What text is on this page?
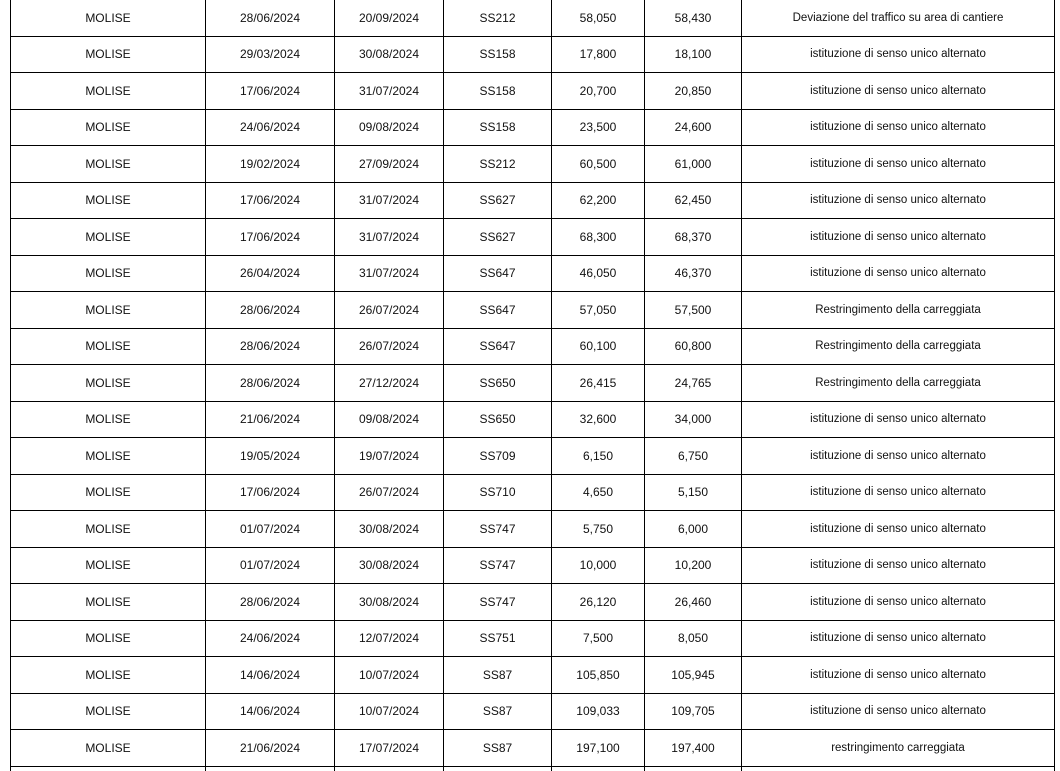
MOLISE	28/06/2024	20/09/2024	SS212	58,050	58,430	Deviazione del traffico su area di cantiere
MOLISE	29/03/2024	30/08/2024	SS158	17,800	18,100	istituzione di senso unico alternato
MOLISE	17/06/2024	31/07/2024	SS158	20,700	20,850	istituzione di senso unico alternato
MOLISE	24/06/2024	09/08/2024	SS158	23,500	24,600	istituzione di senso unico alternato
MOLISE	19/02/2024	27/09/2024	SS212	60,500	61,000	istituzione di senso unico alternato
MOLISE	17/06/2024	31/07/2024	SS627	62,200	62,450	istituzione di senso unico alternato
MOLISE	17/06/2024	31/07/2024	SS627	68,300	68,370	istituzione di senso unico alternato
MOLISE	26/04/2024	31/07/2024	SS647	46,050	46,370	istituzione di senso unico alternato
MOLISE	28/06/2024	26/07/2024	SS647	57,050	57,500	Restringimento della carreggiata
MOLISE	28/06/2024	26/07/2024	SS647	60,100	60,800	Restringimento della carreggiata
MOLISE	28/06/2024	27/12/2024	SS650	26,415	24,765	Restringimento della carreggiata
MOLISE	21/06/2024	09/08/2024	SS650	32,600	34,000	istituzione di senso unico alternato
MOLISE	19/05/2024	19/07/2024	SS709	6,150	6,750	istituzione di senso unico alternato
MOLISE	17/06/2024	26/07/2024	SS710	4,650	5,150	istituzione di senso unico alternato
MOLISE	01/07/2024	30/08/2024	SS747	5,750	6,000	istituzione di senso unico alternato
MOLISE	01/07/2024	30/08/2024	SS747	10,000	10,200	istituzione di senso unico alternato
MOLISE	28/06/2024	30/08/2024	SS747	26,120	26,460	istituzione di senso unico alternato
MOLISE	24/06/2024	12/07/2024	SS751	7,500	8,050	istituzione di senso unico alternato
MOLISE	14/06/2024	10/07/2024	SS87	105,850	105,945	istituzione di senso unico alternato
MOLISE	14/06/2024	10/07/2024	SS87	109,033	109,705	istituzione di senso unico alternato
MOLISE	21/06/2024	17/07/2024	SS87	197,100	197,400	restringimento carreggiata
